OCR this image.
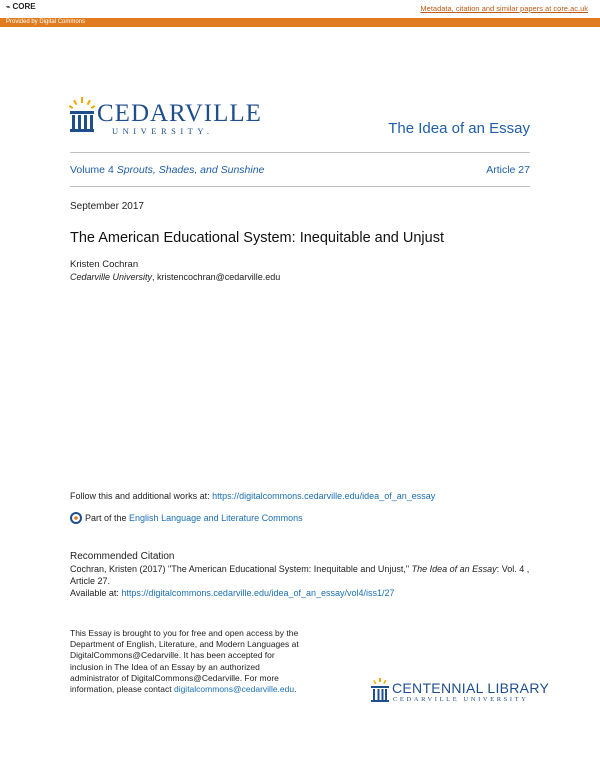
⌁ CORE	Metadata, citation and similar papers at core.ac.uk
Provided by Digital Commons
CEDARVILLE
UNIVERSITY.	The Idea of an Essay
Volume 4 Sprouts, Shades, and Sunshine	Article 27
September 2017
The American Educational System: Inequitable and Unjust
Kristen Cochran
Cedarville University, kristencochran@cedarville.edu
Follow this and additional works at: https://digitalcommons.cedarville.edu/idea_of_an_essay
Part of the
English Language and Literature Commons
Recommended Citation
Cochran, Kristen (2017) "The American Educational System: Inequitable and Unjust," The Idea of an Essay: Vol. 4 , Article 27.
Available at: https://digitalcommons.cedarville.edu/idea_of_an_essay/vol4/iss1/27
This Essay is brought to you for free and open access by the Department of English, Literature, and Modern Languages at DigitalCommons@Cedarville. It has been accepted for inclusion in The Idea of an Essay by an authorized administrator of DigitalCommons@Cedarville. For more information, please contact digitalcommons@cedarville.edu.	CENTENNIAL LIBRARY
CEDARVILLE UNIVERSITY
